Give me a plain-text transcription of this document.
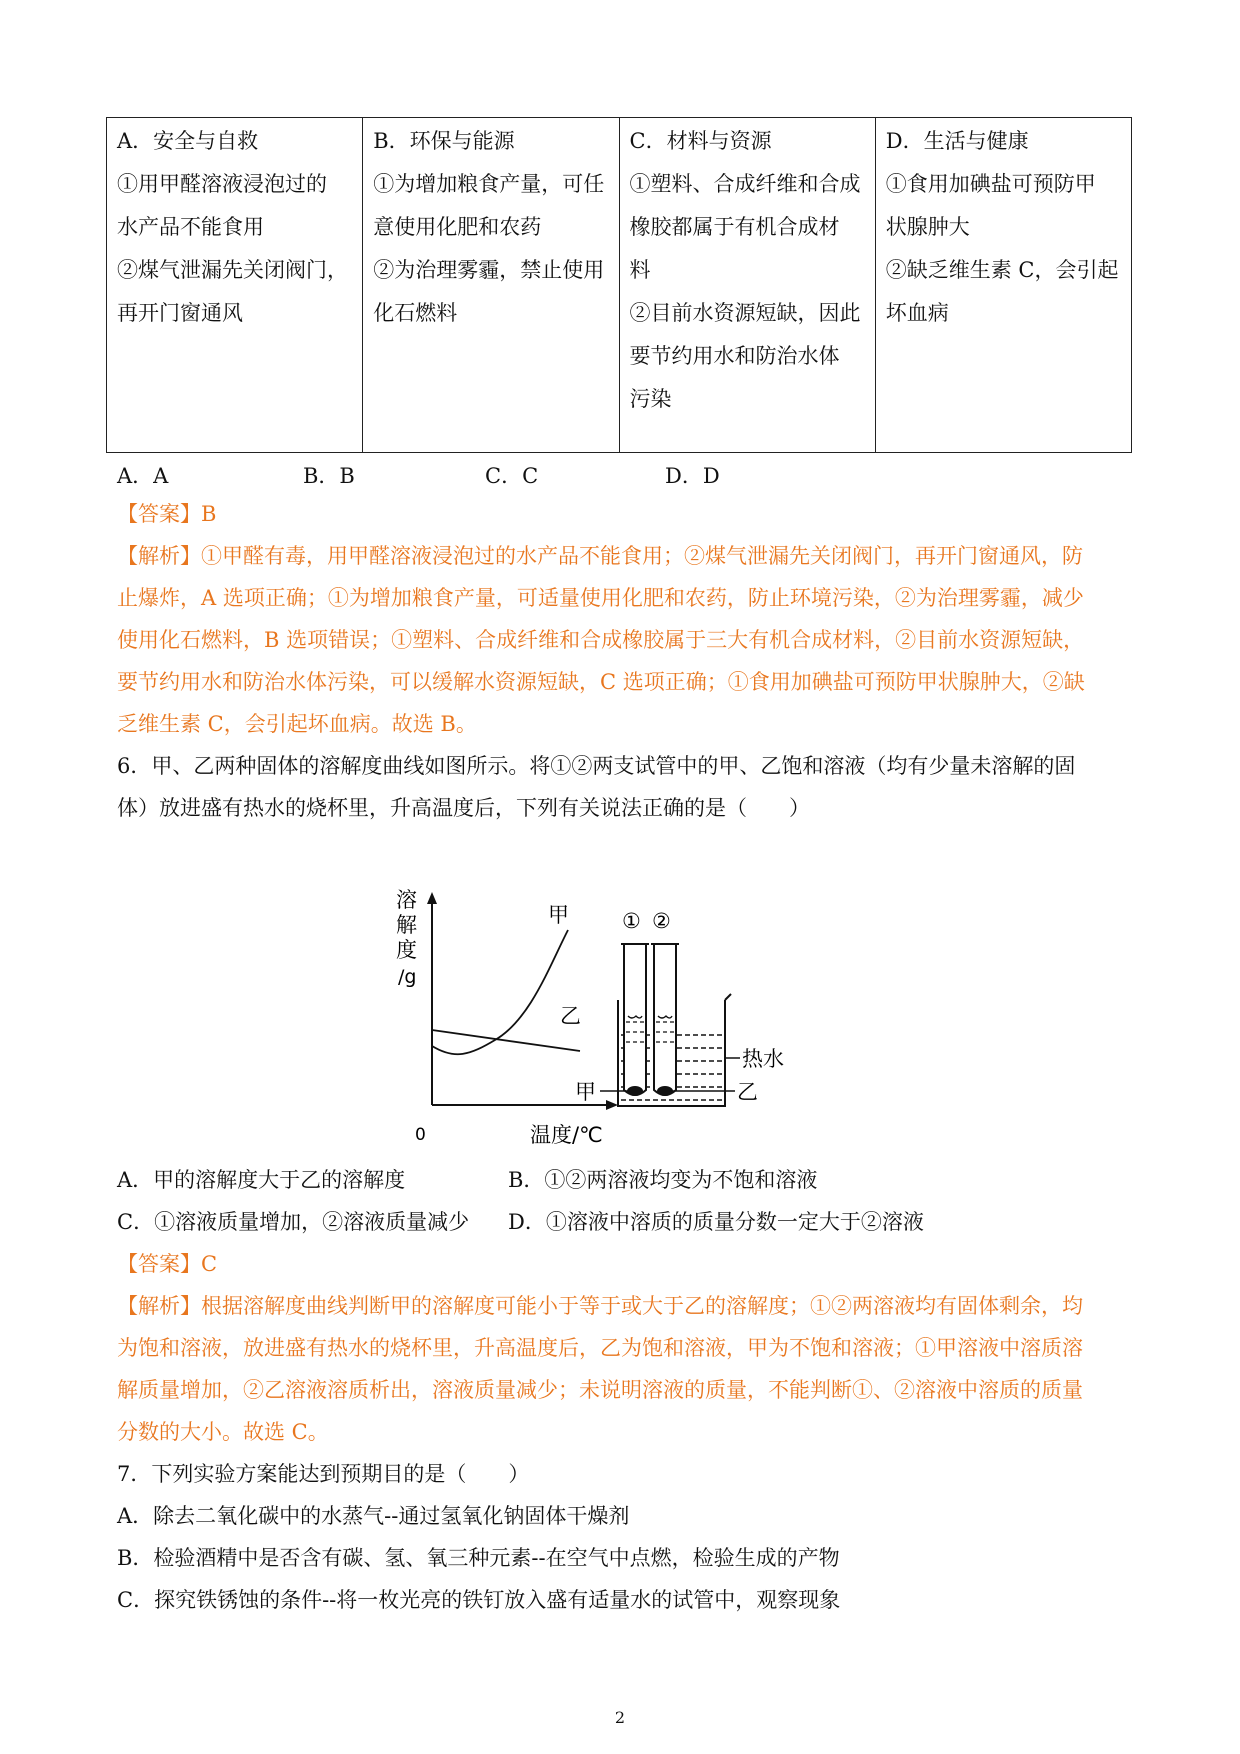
A．安全与自救
①用甲醛溶液浸泡过的
水产品不能食用
②煤气泄漏先关闭阀门，
再开门窗通风

B．环保与能源
①为增加粮食产量，可任
意使用化肥和农药
②为治理雾霾，禁止使用
化石燃料

C．材料与资源
①塑料、合成纤维和合成
橡胶都属于有机合成材
料
②目前水资源短缺，因此
要节约用水和防治水体
污染

D．生活与健康
①食用加碘盐可预防甲
状腺肿大
②缺乏维生素 C，会引起
坏血病
A．A	B．B	C．C	D．D
【答案】B
【解析】①甲醛有毒，用甲醛溶液浸泡过的水产品不能食用；②煤气泄漏先关闭阀门，再开门窗通风，防
止爆炸，A 选项正确；①为增加粮食产量，可适量使用化肥和农药，防止环境污染，②为治理雾霾，减少
使用化石燃料，B 选项错误；①塑料、合成纤维和合成橡胶属于三大有机合成材料，②目前水资源短缺，
要节约用水和防治水体污染，可以缓解水资源短缺，C 选项正确；①食用加碘盐可预防甲状腺肿大，②缺
乏维生素 C，会引起坏血病。故选 B。
6．甲、乙两种固体的溶解度曲线如图所示。将①②两支试管中的甲、乙饱和溶液（均有少量未溶解的固
体）放进盛有热水的烧杯里，升高温度后，下列有关说法正确的是（　　）
溶
解
度
/g
0	温度/℃
甲
乙
① ②
热水
甲	乙
A．甲的溶解度大于乙的溶解度	B．①②两溶液均变为不饱和溶液
C．①溶液质量增加，②溶液质量减少 D．①溶液中溶质的质量分数一定大于②溶液
【答案】C
【解析】根据溶解度曲线判断甲的溶解度可能小于等于或大于乙的溶解度；①②两溶液均有固体剩余，均
为饱和溶液，放进盛有热水的烧杯里，升高温度后，乙为饱和溶液，甲为不饱和溶液；①甲溶液中溶质溶
解质量增加，②乙溶液溶质析出，溶液质量减少；未说明溶液的质量，不能判断①、②溶液中溶质的质量
分数的大小。故选 C。
7．下列实验方案能达到预期目的是（　　）
A．除去二氧化碳中的水蒸气--通过氢氧化钠固体干燥剂
B．检验酒精中是否含有碳、氢、氧三种元素--在空气中点燃，检验生成的产物
C．探究铁锈蚀的条件--将一枚光亮的铁钉放入盛有适量水的试管中，观察现象
2
